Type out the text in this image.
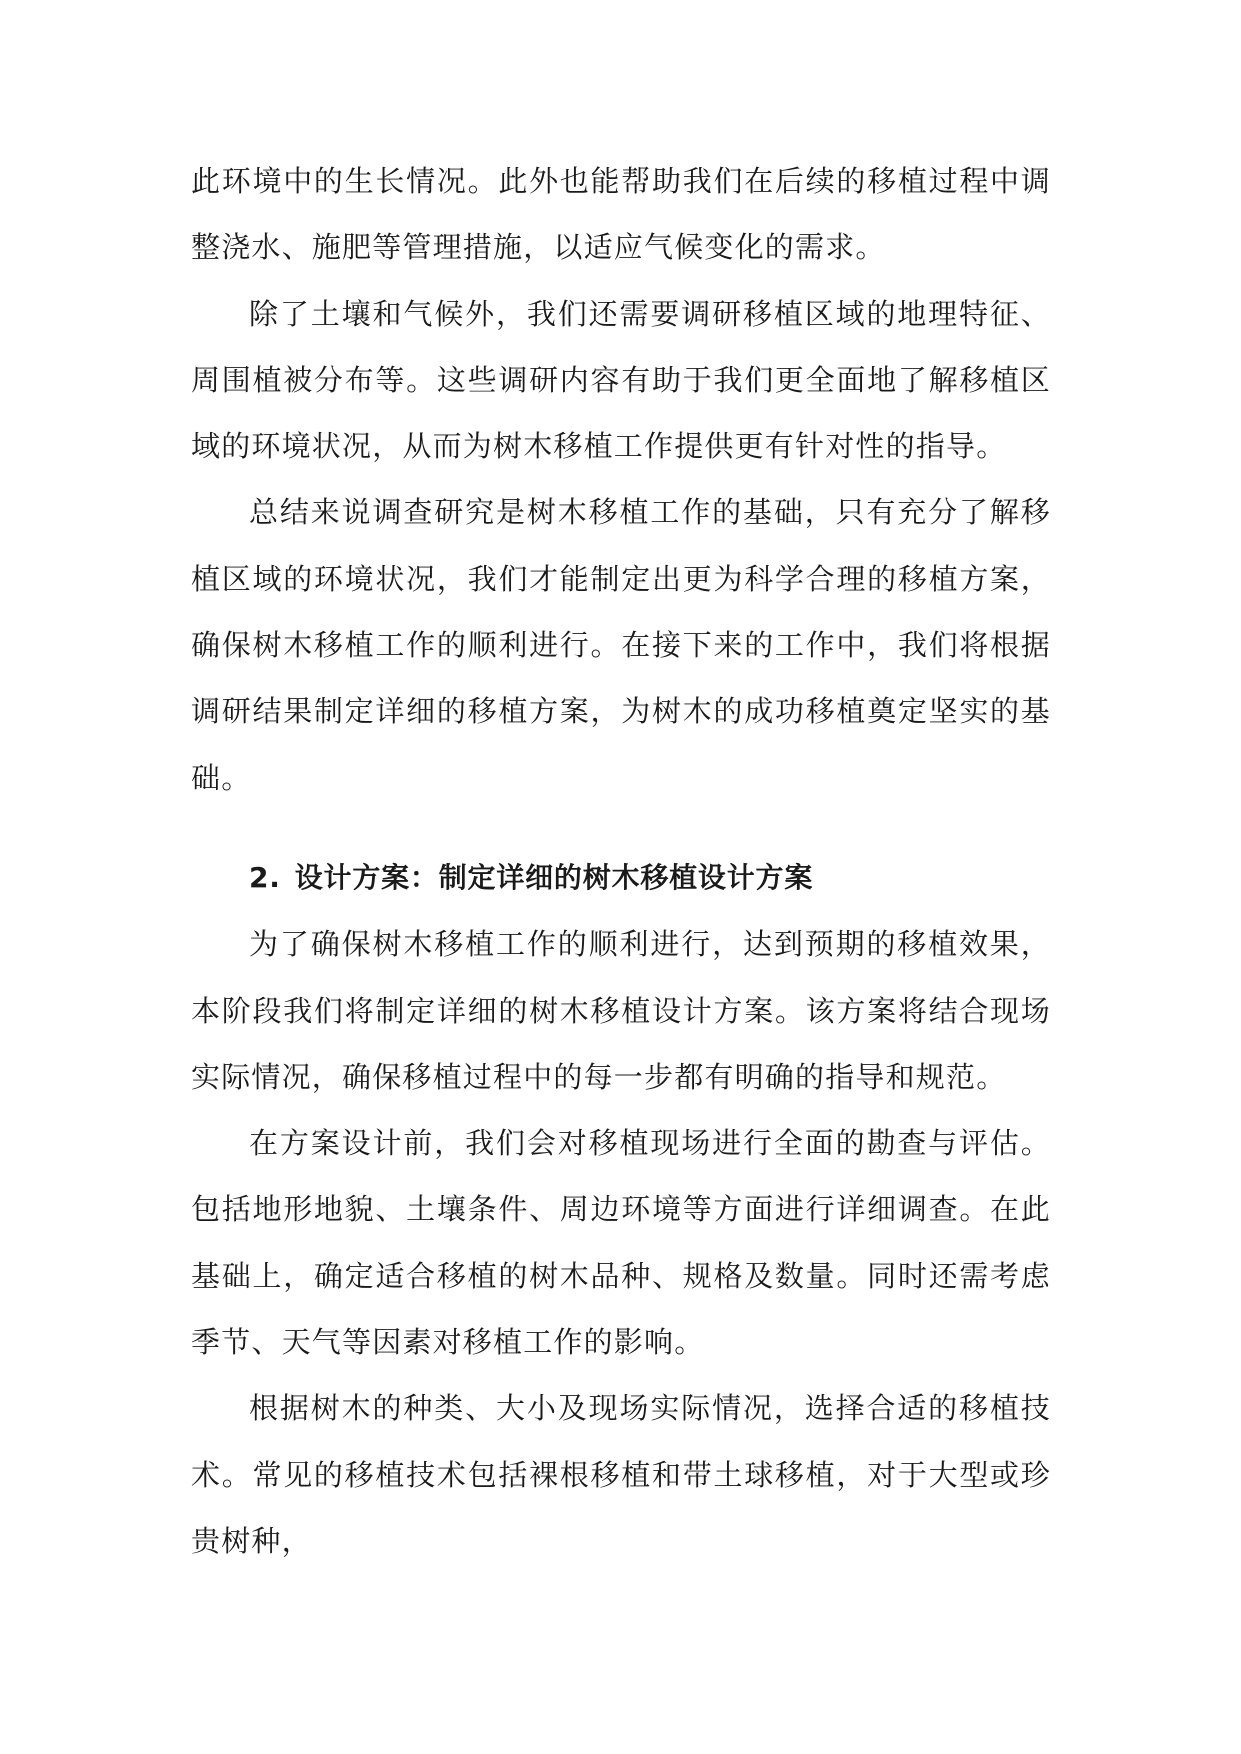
此环境中的生长情况。此外也能帮助我们在后续的移植过程中调整浇水、施肥等管理措施，以适应气候变化的需求。

除了土壤和气候外，我们还需要调研移植区域的地理特征、周围植被分布等。这些调研内容有助于我们更全面地了解移植区域的环境状况，从而为树木移植工作提供更有针对性的指导。

总结来说调查研究是树木移植工作的基础，只有充分了解移植区域的环境状况，我们才能制定出更为科学合理的移植方案，确保树木移植工作的顺利进行。在接下来的工作中，我们将根据调研结果制定详细的移植方案，为树木的成功移植奠定坚实的基础。

2. 设计方案：制定详细的树木移植设计方案

为了确保树木移植工作的顺利进行，达到预期的移植效果，本阶段我们将制定详细的树木移植设计方案。该方案将结合现场实际情况，确保移植过程中的每一步都有明确的指导和规范。

在方案设计前，我们会对移植现场进行全面的勘查与评估。包括地形地貌、土壤条件、周边环境等方面进行详细调查。在此基础上，确定适合移植的树木品种、规格及数量。同时还需考虑季节、天气等因素对移植工作的影响。

根据树木的种类、大小及现场实际情况，选择合适的移植技术。常见的移植技术包括裸根移植和带土球移植，对于大型或珍贵树种，
